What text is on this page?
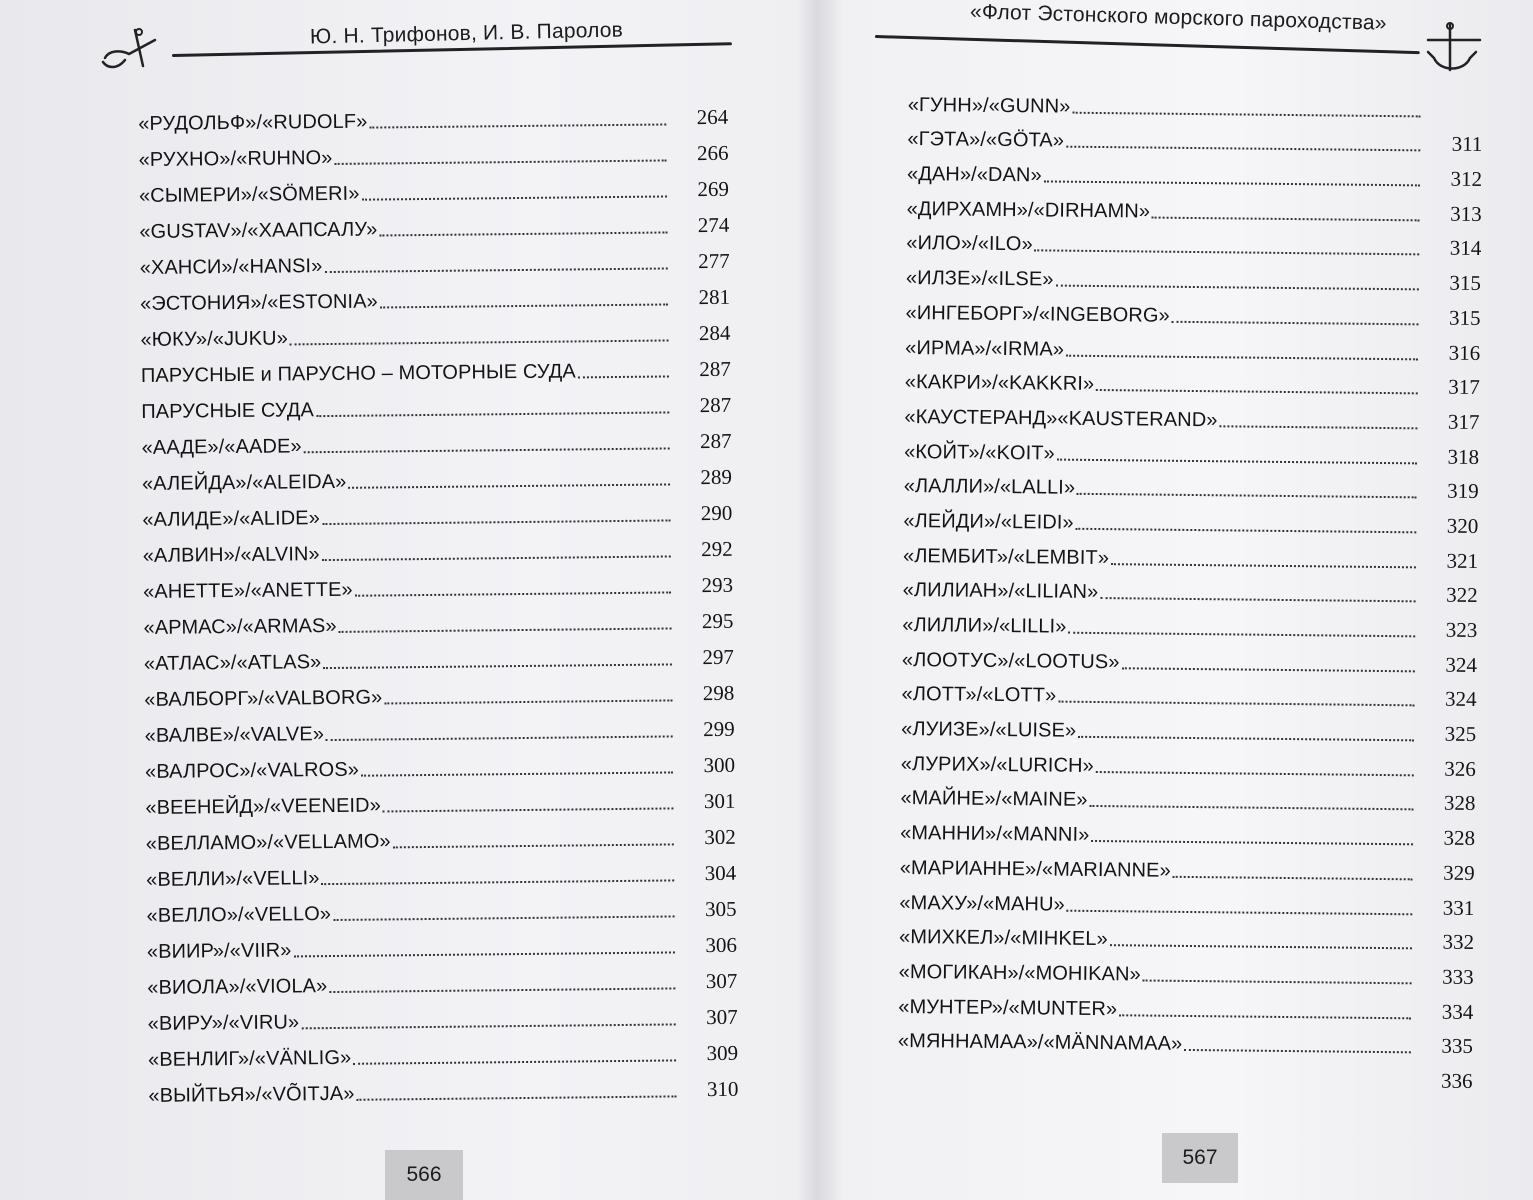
Ю. Н. Трифонов, И. В. Паролов
«РУДОЛЬФ»/«RUDOLF»	264
«РУХНО»/«RUHNO»	266
«СЫМЕРИ»/«SÖMERI»	269
«GUSTAV»/«ХААПСАЛУ»	274
«ХАНСИ»/«HANSI»	277
«ЭСТОНИЯ»/«ESTONIA»	281
«ЮКУ»/«JUKU»	284
ПАРУСНЫЕ и ПАРУСНО – МОТОРНЫЕ СУДА	287
ПАРУСНЫЕ СУДА	287
«ААДЕ»/«AADE»	287
«АЛЕЙДА»/«ALEIDA»	289
«АЛИДЕ»/«ALIDE»	290
«АЛВИН»/«ALVIN»	292
«АНЕТТЕ»/«ANETTE»	293
«АРМАС»/«ARMAS»	295
«АТЛАС»/«ATLAS»	297
«ВАЛБОРГ»/«VALBORG»	298
«ВАЛВЕ»/«VALVE»	299
«ВАЛРОС»/«VALROS»	300
«ВЕЕНЕЙД»/«VEENEID»	301
«ВЕЛЛАМО»/«VELLAMO»	302
«ВЕЛЛИ»/«VELLI»	304
«ВЕЛЛО»/«VELLO»	305
«ВИИР»/«VIIR»	306
«ВИОЛА»/«VIOLA»	307
«ВИРУ»/«VIRU»	307
«ВЕНЛИГ»/«VÄNLIG»	309
«ВЫЙТЬЯ»/«VÕITJA»	310
566
«Флот Эстонского морского пароходства»
«ГУНН»/«GUNN»
«ГЭТА»/«GÖTA»	311
«ДАН»/«DAN»	312
«ДИРХАМН»/«DIRHAMN»	313
«ИЛО»/«ILO»	314
«ИЛЗЕ»/«ILSE»	315
«ИНГЕБОРГ»/«INGEBORG»	315
«ИРМА»/«IRMA»	316
«КАКРИ»/«KAKKRI»	317
«КАУСТЕРАНД»«KAUSTERAND»	317
«КОЙТ»/«KOIT»	318
«ЛАЛЛИ»/«LALLI»	319
«ЛЕЙДИ»/«LEIDI»	320
«ЛЕМБИТ»/«LEMBIT»	321
«ЛИЛИАН»/«LILIAN»	322
«ЛИЛЛИ»/«LILLI»	323
«ЛООТУС»/«LOOTUS»	324
«ЛОТТ»/«LOTT»	324
«ЛУИЗЕ»/«LUISE»	325
«ЛУРИХ»/«LURICH»	326
«МАЙНЕ»/«MAINE»	328
«МАННИ»/«MANNI»	328
«МАРИАННЕ»/«MARIANNE»	329
«МАХУ»/«MAHU»	331
«МИХКЕЛ»/«MIHKEL»	332
«МОГИКАН»/«MOHIKAN»	333
«МУНТЕР»/«MUNTER»	334
«МЯННАМАА»/«MÄNNAMAA»	335
336
567
